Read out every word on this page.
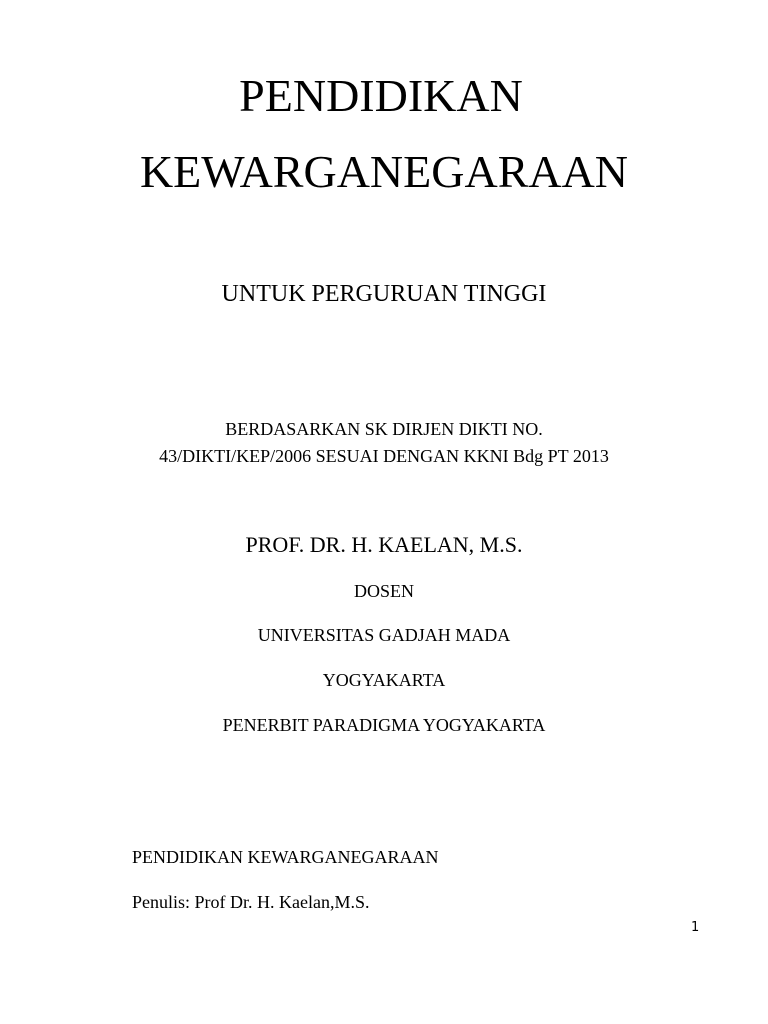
PENDIDIKAN
KEWARGANEGARAAN
UNTUK PERGURUAN TINGGI
BERDASARKAN SK DIRJEN DIKTI NO.
43/DIKTI/KEP/2006 SESUAI DENGAN KKNI Bdg PT 2013
PROF. DR. H. KAELAN, M.S.
DOSEN
UNIVERSITAS GADJAH MADA
YOGYAKARTA
PENERBIT PARADIGMA YOGYAKARTA
PENDIDIKAN KEWARGANEGARAAN
Penulis: Prof Dr. H. Kaelan,M.S.
1
